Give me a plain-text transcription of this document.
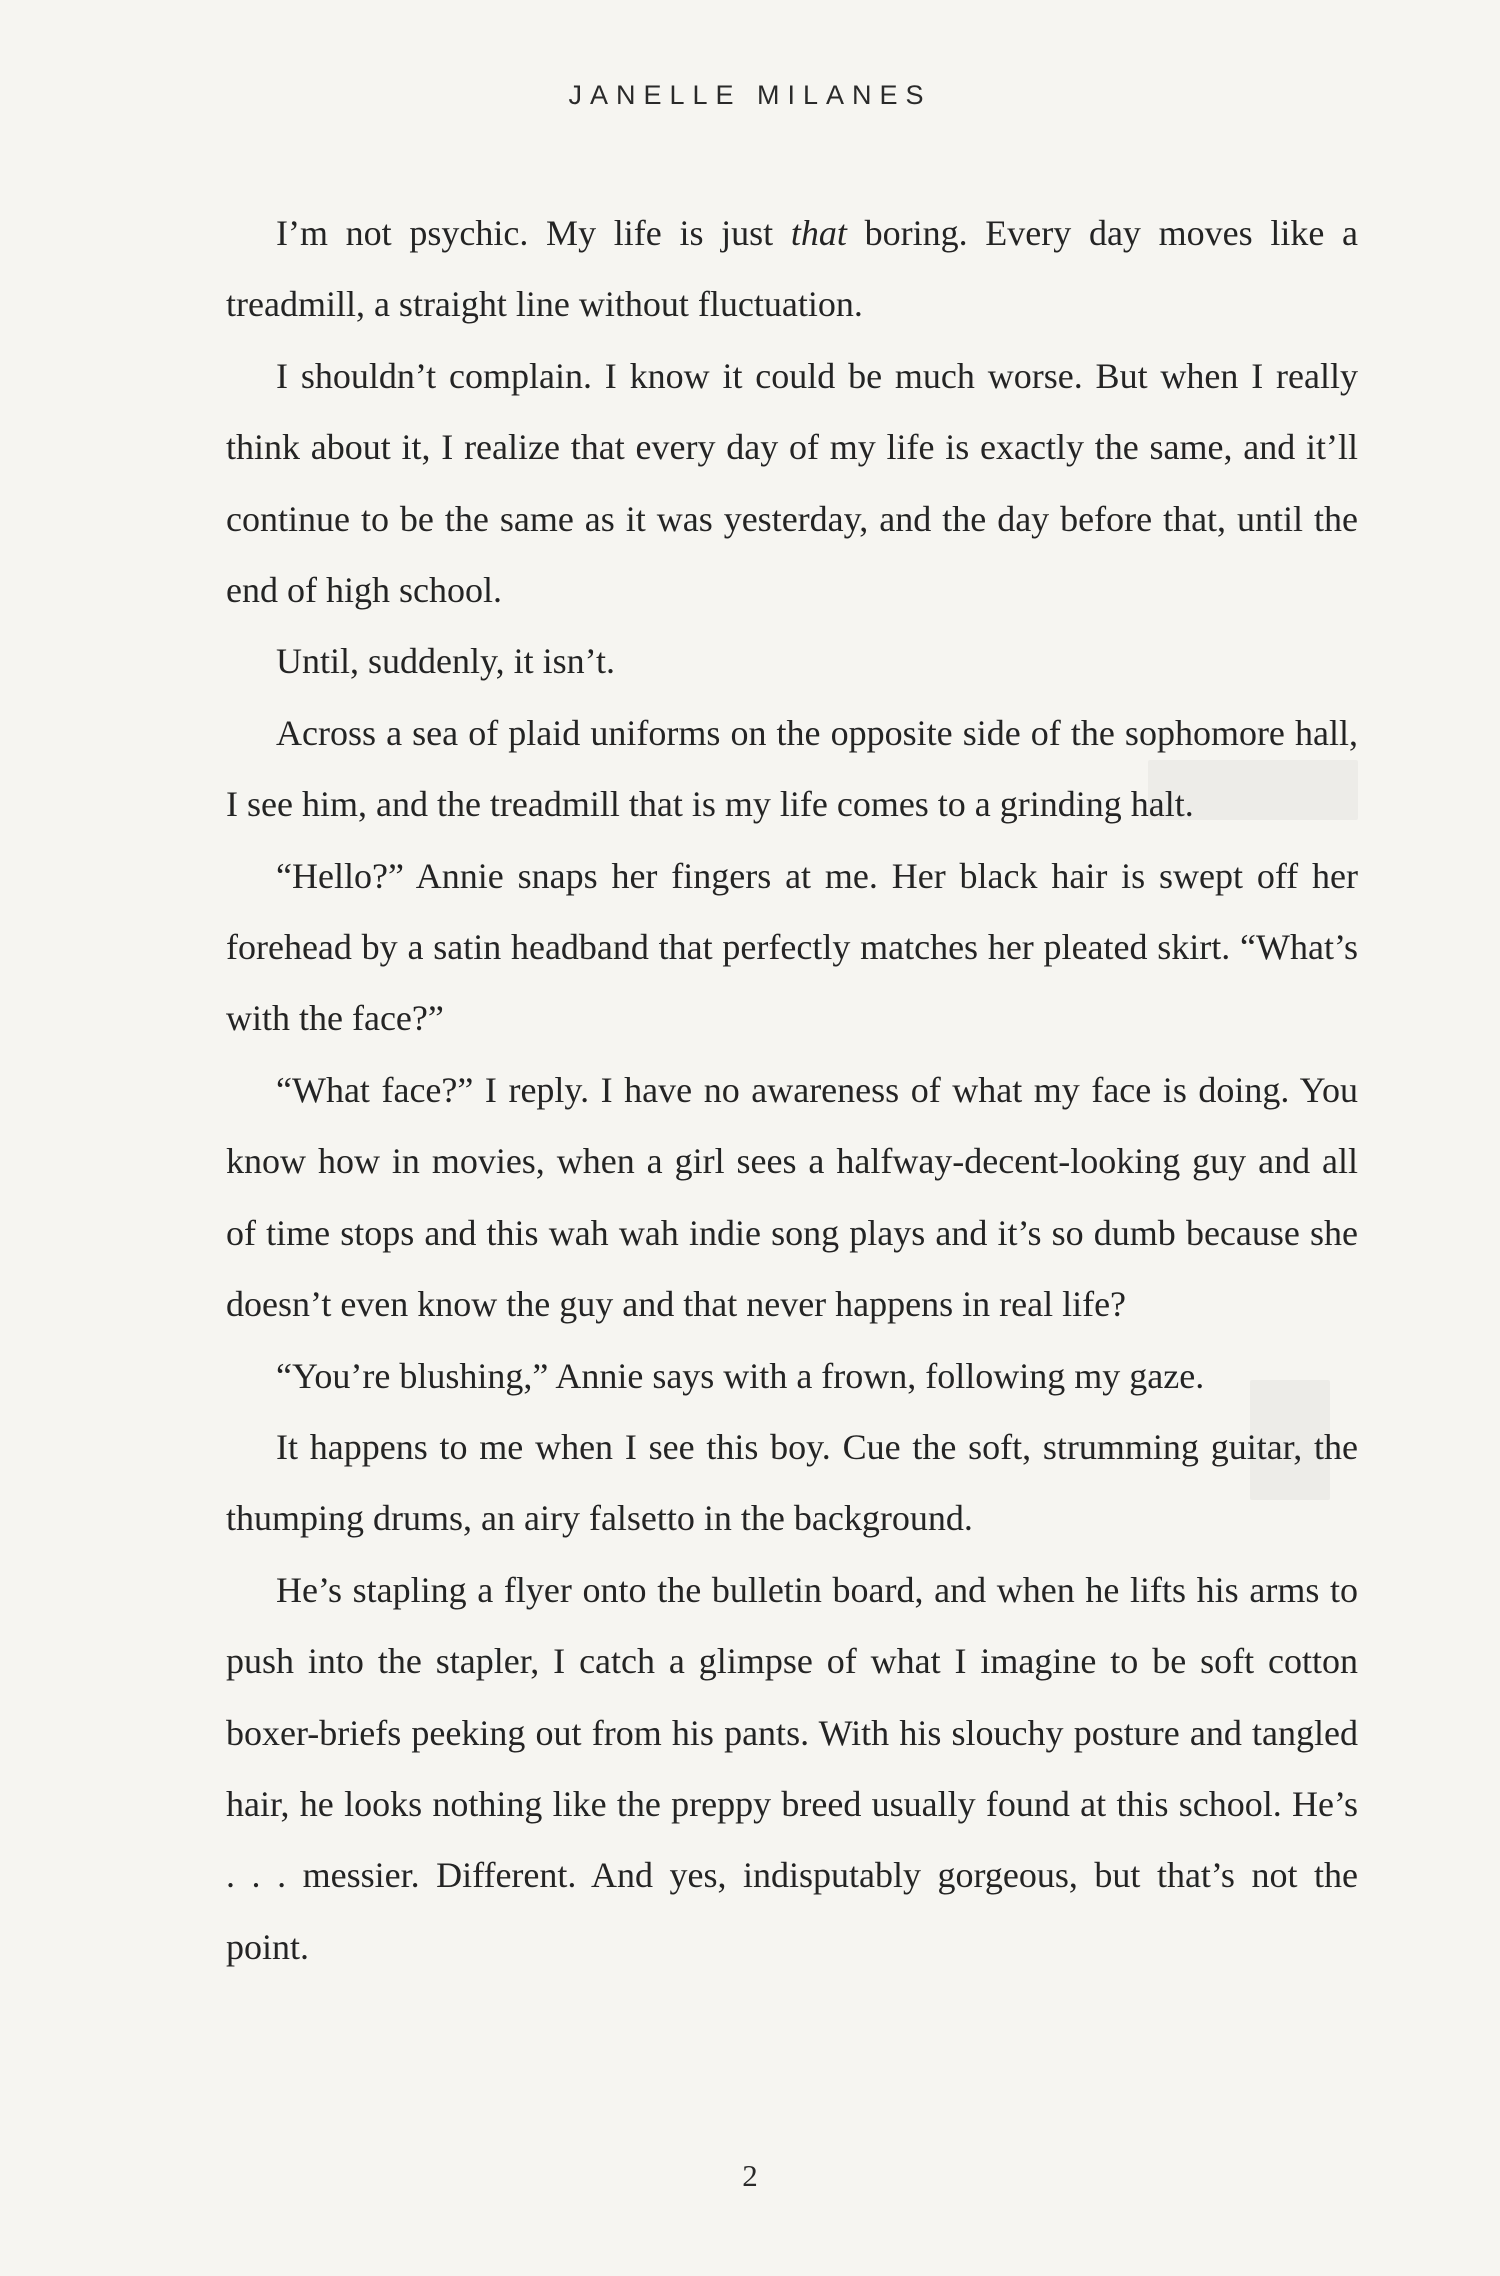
JANELLE MILANES

I’m not psychic. My life is just that boring. Every day moves like a treadmill, a straight line without fluctuation.

I shouldn’t complain. I know it could be much worse. But when I really think about it, I realize that every day of my life is exactly the same, and it’ll continue to be the same as it was yesterday, and the day before that, until the end of high school.

Until, suddenly, it isn’t.

Across a sea of plaid uniforms on the opposite side of the sophomore hall, I see him, and the treadmill that is my life comes to a grinding halt.

“Hello?” Annie snaps her fingers at me. Her black hair is swept off her forehead by a satin headband that perfectly matches her pleated skirt. “What’s with the face?”

“What face?” I reply. I have no awareness of what my face is doing. You know how in movies, when a girl sees a halfway-decent-looking guy and all of time stops and this wah wah indie song plays and it’s so dumb because she doesn’t even know the guy and that never happens in real life?

“You’re blushing,” Annie says with a frown, following my gaze.

It happens to me when I see this boy. Cue the soft, strumming guitar, the thumping drums, an airy falsetto in the background.

He’s stapling a flyer onto the bulletin board, and when he lifts his arms to push into the stapler, I catch a glimpse of what I imagine to be soft cotton boxer-briefs peeking out from his pants. With his slouchy posture and tangled hair, he looks nothing like the preppy breed usually found at this school. He’s . . . messier. Different. And yes, indisputably gorgeous, but that’s not the point.

2
